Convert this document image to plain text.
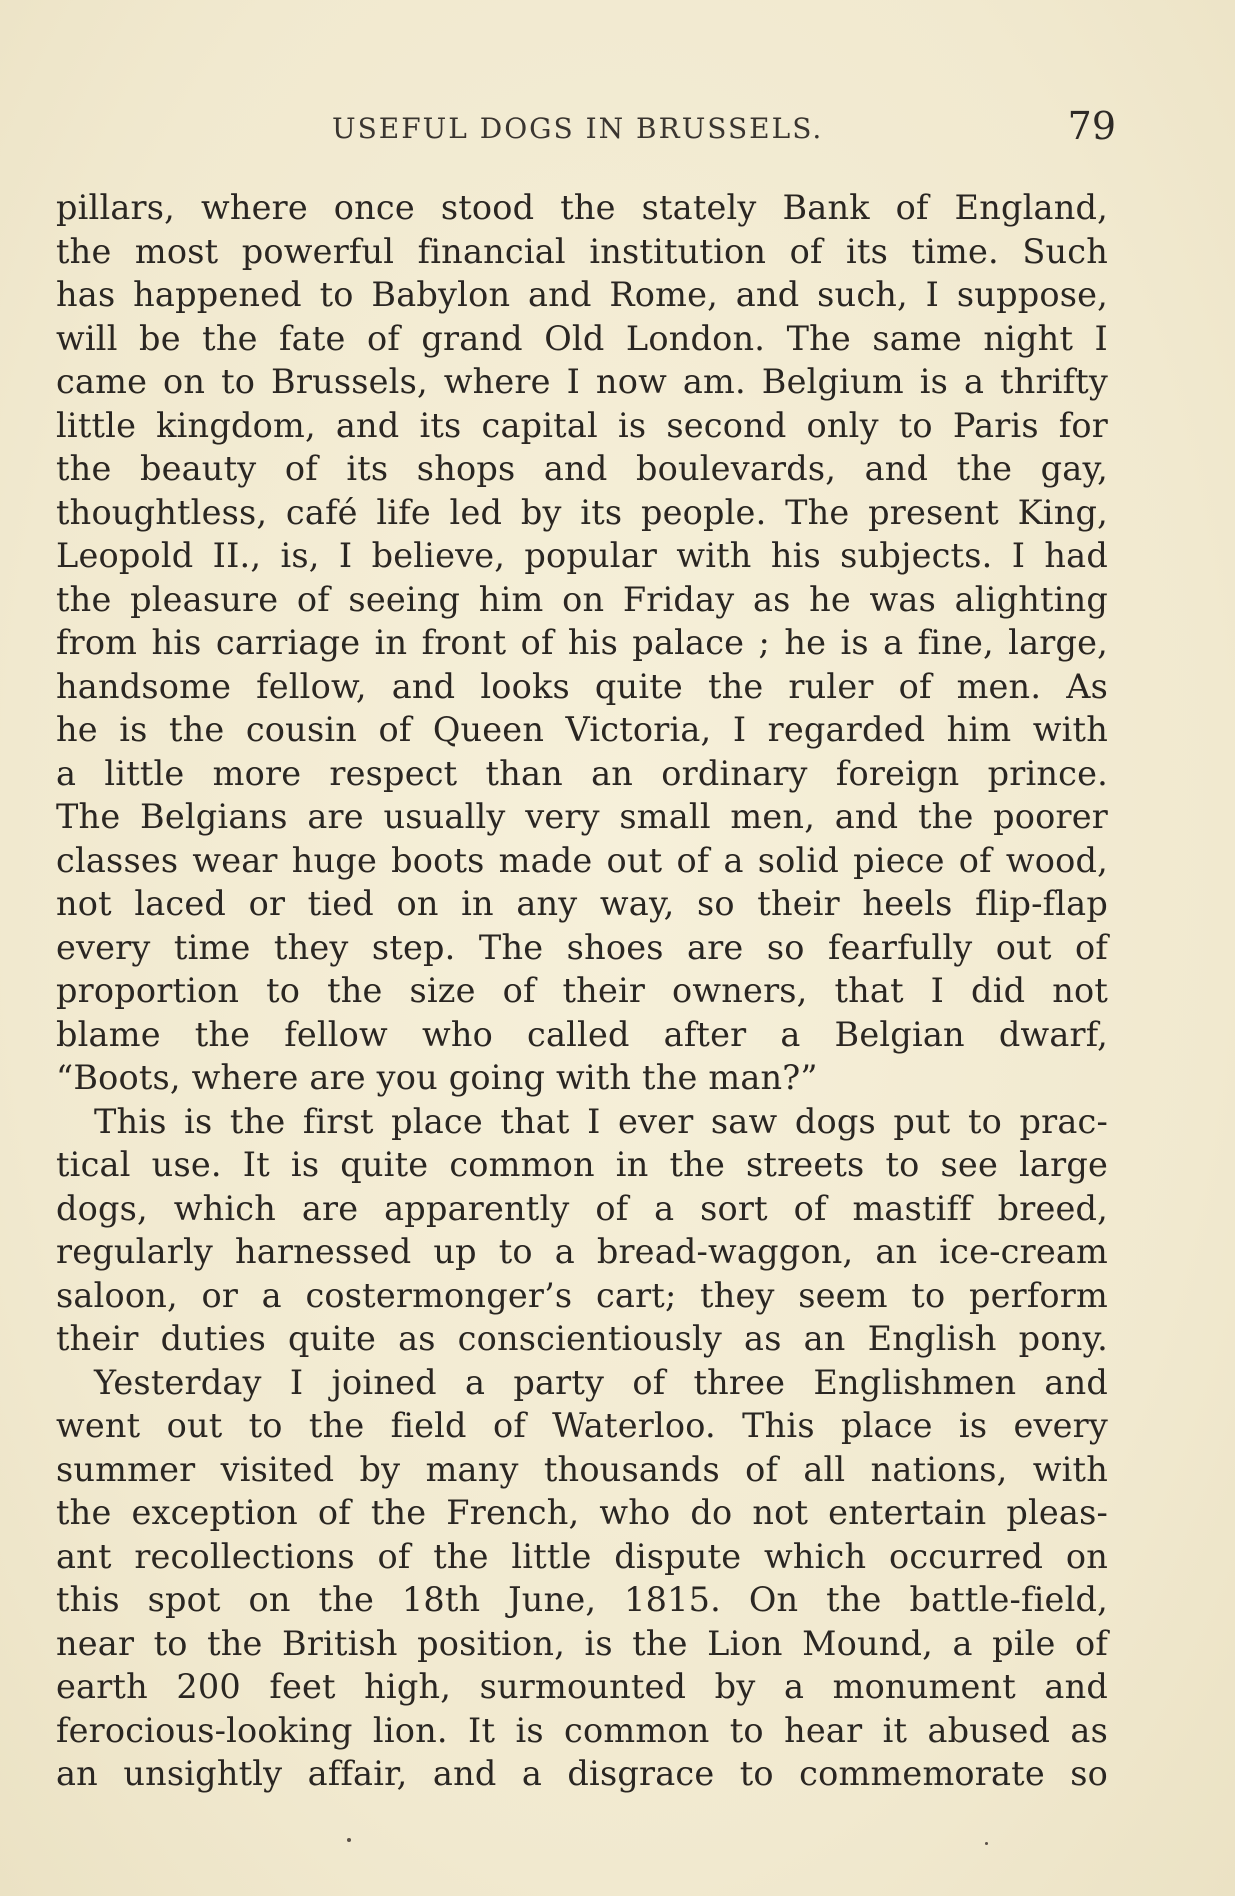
USEFUL DOGS IN BRUSSELS.	79
pillars, where once stood the stately Bank of England,
the most powerful financial institution of its time. Such
has happened to Babylon and Rome, and such, I suppose,
will be the fate of grand Old London. The same night I
came on to Brussels, where I now am. Belgium is a thrifty
little kingdom, and its capital is second only to Paris for
the beauty of its shops and boulevards, and the gay,
thoughtless, café life led by its people. The present King,
Leopold II., is, I believe, popular with his subjects. I had
the pleasure of seeing him on Friday as he was alighting
from his carriage in front of his palace ; he is a fine, large,
handsome fellow, and looks quite the ruler of men. As
he is the cousin of Queen Victoria, I regarded him with
a little more respect than an ordinary foreign prince.
The Belgians are usually very small men, and the poorer
classes wear huge boots made out of a solid piece of wood,
not laced or tied on in any way, so their heels flip-flap
every time they step. The shoes are so fearfully out of
proportion to the size of their owners, that I did not
blame the fellow who called after a Belgian dwarf,
“Boots, where are you going with the man?”
This is the first place that I ever saw dogs put to prac-
tical use. It is quite common in the streets to see large
dogs, which are apparently of a sort of mastiff breed,
regularly harnessed up to a bread-waggon, an ice-cream
saloon, or a costermonger’s cart; they seem to perform
their duties quite as conscientiously as an English pony.
Yesterday I joined a party of three Englishmen and
went out to the field of Waterloo. This place is every
summer visited by many thousands of all nations, with
the exception of the French, who do not entertain pleas-
ant recollections of the little dispute which occurred on
this spot on the 18th June, 1815. On the battle-field,
near to the British position, is the Lion Mound, a pile of
earth 200 feet high, surmounted by a monument and
ferocious-looking lion. It is common to hear it abused as
an unsightly affair, and a disgrace to commemorate so
